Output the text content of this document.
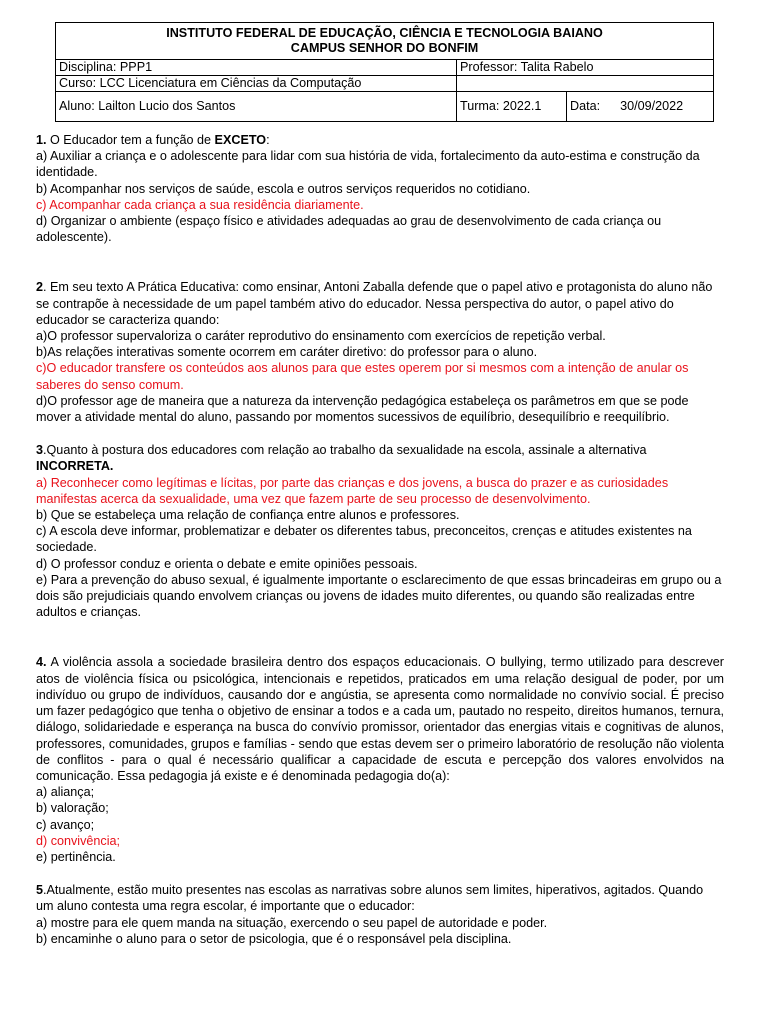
INSTITUTO FEDERAL DE EDUCAÇÃO, CIÊNCIA E TECNOLOGIA BAIANO
CAMPUS SENHOR DO BONFIM		

Disciplina: PPP1	Professor: Talita Rabelo	
Curso: LCC Licenciatura em Ciências da Computação		
Aluno: Lailton Lucio dos Santos	Turma: 2022.1	Data: 30/09/2022

1. O Educador tem a função de EXCETO:

a) Auxiliar a criança e o adolescente para lidar com sua história de vida, fortalecimento da auto-estima e construção da identidade.

b) Acompanhar nos serviços de saúde, escola e outros serviços requeridos no cotidiano.

c) Acompanhar cada criança a sua residência diariamente.

d) Organizar o ambiente (espaço físico e atividades adequadas ao grau de desenvolvimento de cada criança ou adolescente).

2. Em seu texto A Prática Educativa: como ensinar, Antoni Zaballa defende que o papel ativo e protagonista do aluno não se contrapõe à necessidade de um papel também ativo do educador. Nessa perspectiva do autor, o papel ativo do educador se caracteriza quando:

a)O professor supervaloriza o caráter reprodutivo do ensinamento com exercícios de repetição verbal.

b)As relações interativas somente ocorrem em caráter diretivo: do professor para o aluno.

c)O educador transfere os conteúdos aos alunos para que estes operem por si mesmos com a intenção de anular os saberes do senso comum.

d)O professor age de maneira que a natureza da intervenção pedagógica estabeleça os parâmetros em que se pode mover a atividade mental do aluno, passando por momentos sucessivos de equilíbrio, desequilíbrio e reequilíbrio.

3.Quanto à postura dos educadores com relação ao trabalho da sexualidade na escola, assinale a alternativa INCORRETA.

a) Reconhecer como legítimas e lícitas, por parte das crianças e dos jovens, a busca do prazer e as curiosidades manifestas acerca da sexualidade, uma vez que fazem parte de seu processo de desenvolvimento.

b) Que se estabeleça uma relação de confiança entre alunos e professores.

c) A escola deve informar, problematizar e debater os diferentes tabus, preconceitos, crenças e atitudes existentes na sociedade.

d) O professor conduz e orienta o debate e emite opiniões pessoais.

e) Para a prevenção do abuso sexual, é igualmente importante o esclarecimento de que essas brincadeiras em grupo ou a dois são prejudiciais quando envolvem crianças ou jovens de idades muito diferentes, ou quando são realizadas entre adultos e crianças.

4. A violência assola a sociedade brasileira dentro dos espaços educacionais. O bullying, termo utilizado para descrever atos de violência física ou psicológica, intencionais e repetidos, praticados em uma relação desigual de poder, por um indivíduo ou grupo de indivíduos, causando dor e angústia, se apresenta como normalidade no convívio social. É preciso um fazer pedagógico que tenha o objetivo de ensinar a todos e a cada um, pautado no respeito, direitos humanos, ternura, diálogo, solidariedade e esperança na busca do convívio promissor, orientador das energias vitais e cognitivas de alunos, professores, comunidades, grupos e famílias - sendo que estas devem ser o primeiro laboratório de resolução não violenta de conflitos - para o qual é necessário qualificar a capacidade de escuta e percepção dos valores envolvidos na comunicação. Essa pedagogia já existe e é denominada pedagogia do(a):

a) aliança;

b) valoração;

c) avanço;

d) convivência;

e) pertinência.

5.Atualmente, estão muito presentes nas escolas as narrativas sobre alunos sem limites, hiperativos, agitados. Quando um aluno contesta uma regra escolar, é importante que o educador:

a) mostre para ele quem manda na situação, exercendo o seu papel de autoridade e poder.

b) encaminhe o aluno para o setor de psicologia, que é o responsável pela disciplina.
